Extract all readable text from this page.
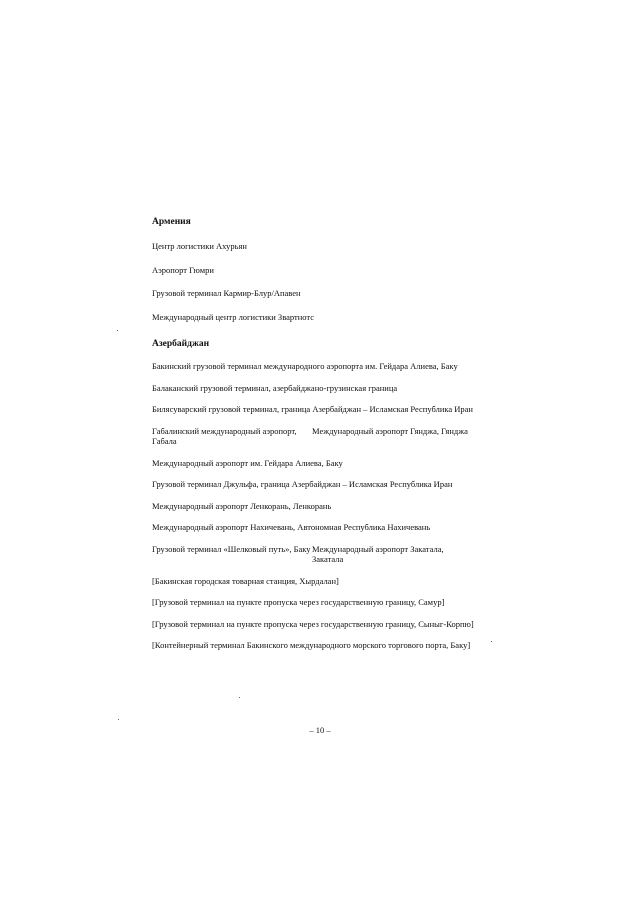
Армения
Центр логистики Ахурьян
Аэропорт Гюмри
Грузовой терминал Кармир-Блур/Апавен
Международный центр логистики Звартнотс
Азербайджан
Бакинский грузовой терминал международного аэропорта им. Гейдара Алиева, Баку
Балаканский грузовой терминал, азербайджано-грузинская граница
Билясуварский грузовой терминал, граница Азербайджан – Исламская Республика Иран
Габалинский международный аэропорт, Габала
Международный аэропорт Гянджа, Гянджа
Международный аэропорт им. Гейдара Алиева, Баку
Грузовой терминал Джульфа, граница Азербайджан – Исламская Республика Иран
Международный аэропорт Ленкорань, Ленкорань
Международный аэропорт Нахичевань, Автономная Республика Нахичевань
Грузовой терминал «Шелковый путь», Баку Международный аэропорт Закатала, Закатала
[Бакинская городская товарная станция, Хырдалан]
[Грузовой терминал на пункте пропуска через государственную границу, Самур]
[Грузовой терминал на пункте пропуска через государственную границу, Сыныг-Корпю]
[Контейнерный терминал Бакинского международного морского торгового порта, Баку]
– 10 –
